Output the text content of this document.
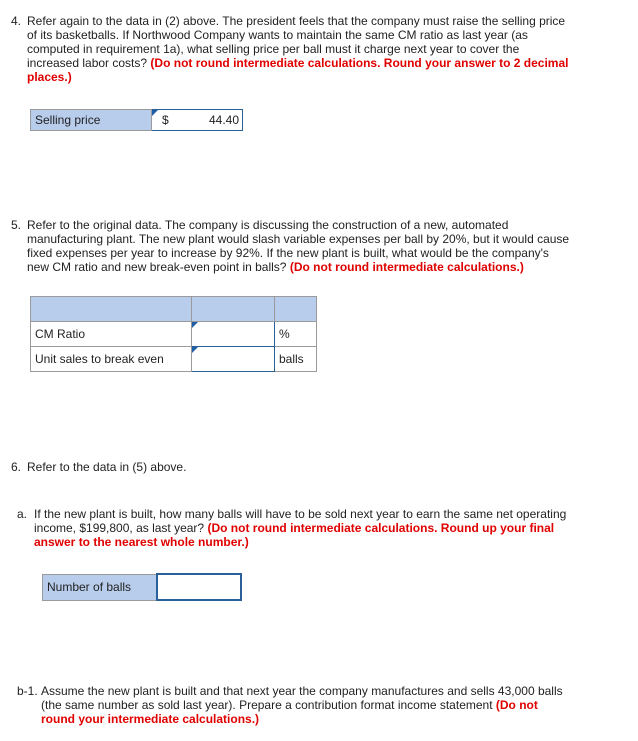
4. Refer again to the data in (2) above. The president feels that the company must raise the selling price
of its basketballs. If Northwood Company wants to maintain the same CM ratio as last year (as
computed in requirement 1a), what selling price per ball must it charge next year to cover the
increased labor costs? (Do not round intermediate calculations. Round your answer to 2 decimal
places.)
Selling price	$	44.40
5. Refer to the original data. The company is discussing the construction of a new, automated
manufacturing plant. The new plant would slash variable expenses per ball by 20%, but it would cause
fixed expenses per year to increase by 92%. If the new plant is built, what would be the company's
new CM ratio and new break-even point in balls? (Do not round intermediate calculations.)

CM Ratio		%
Unit sales to break even		balls
6. Refer to the data in (5) above.
a. If the new plant is built, how many balls will have to be sold next year to earn the same net operating
income, $199,800, as last year? (Do not round intermediate calculations. Round up your final
answer to the nearest whole number.)
Number of balls	
b-1. Assume the new plant is built and that next year the company manufactures and sells 43,000 balls
(the same number as sold last year). Prepare a contribution format income statement (Do not
round your intermediate calculations.)
